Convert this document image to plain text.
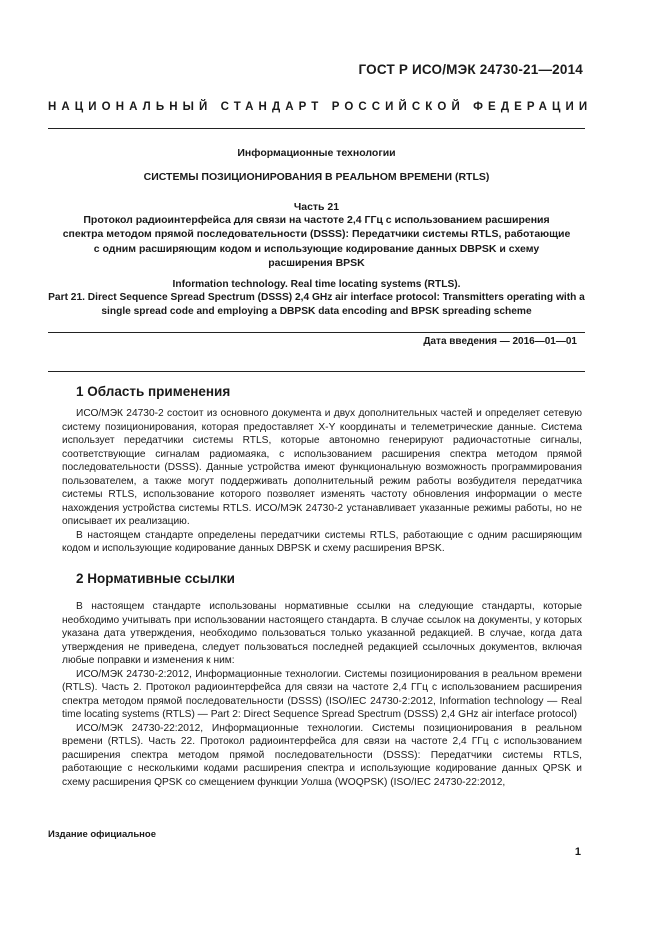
ГОСТ Р ИСО/МЭК 24730-21—2014
НАЦИОНАЛЬНЫЙ СТАНДАРТ РОССИЙСКОЙ ФЕДЕРАЦИИ
Информационные технологии
СИСТЕМЫ ПОЗИЦИОНИРОВАНИЯ В РЕАЛЬНОМ ВРЕМЕНИ (RTLS)
Часть 21
Протокол радиоинтерфейса для связи на частоте 2,4 ГГц с использованием расширения спектра методом прямой последовательности (DSSS): Передатчики системы RTLS, работающие с одним расширяющим кодом и использующие кодирование данных DBPSK и схему расширения BPSK
Information technology. Real time locating systems (RTLS).
Part 21. Direct Sequence Spread Spectrum (DSSS) 2,4 GHz air interface protocol: Transmitters operating with a single spread code and employing a DBPSK data encoding and BPSK spreading scheme
Дата введения — 2016—01—01
1 Область применения

ИСО/МЭК 24730-2 состоит из основного документа и двух дополнительных частей и определяет сетевую систему позиционирования, которая предоставляет X-Y координаты и телеметрические данные. Система использует передатчики системы RTLS, которые автономно генерируют радиочастотные сигналы, соответствующие сигналам радиомаяка, с использованием расширения спектра методом прямой последовательности (DSSS). Данные устройства имеют функциональную возможность программирования пользователем, а также могут поддерживать дополнительный режим работы возбудителя передатчика системы RTLS, использование которого позволяет изменять частоту обновления информации о месте нахождения устройства системы RTLS. ИСО/МЭК 24730-2 устанавливает указанные режимы работы, но не описывает их реализацию.

В настоящем стандарте определены передатчики системы RTLS, работающие с одним расширяющим кодом и использующие кодирование данных DBPSK и схему расширения BPSK.

2 Нормативные ссылки

В настоящем стандарте использованы нормативные ссылки на следующие стандарты, которые необходимо учитывать при использовании настоящего стандарта. В случае ссылок на документы, у которых указана дата утверждения, необходимо пользоваться только указанной редакцией. В случае, когда дата утверждения не приведена, следует пользоваться последней редакцией ссылочных документов, включая любые поправки и изменения к ним:

ИСО/МЭК 24730-2:2012, Информационные технологии. Системы позиционирования в реальном времени (RTLS). Часть 2. Протокол радиоинтерфейса для связи на частоте 2,4 ГГц с использованием расширения спектра методом прямой последовательности (DSSS) (ISO/IEC 24730-2:2012, Information technology — Real time locating systems (RTLS) — Part 2: Direct Sequence Spread Spectrum (DSSS) 2,4 GHz air interface protocol)

ИСО/МЭК 24730-22:2012, Информационные технологии. Системы позиционирования в реальном времени (RTLS). Часть 22. Протокол радиоинтерфейса для связи на частоте 2,4 ГГц с использованием расширения спектра методом прямой последовательности (DSSS): Передатчики системы RTLS, работающие с несколькими кодами расширения спектра и использующие кодирование данных QPSK и схему расширения QPSK со смещением функции Уолша (WOQPSK) (ISO/IEC 24730-22:2012,

Издание официальное
1
